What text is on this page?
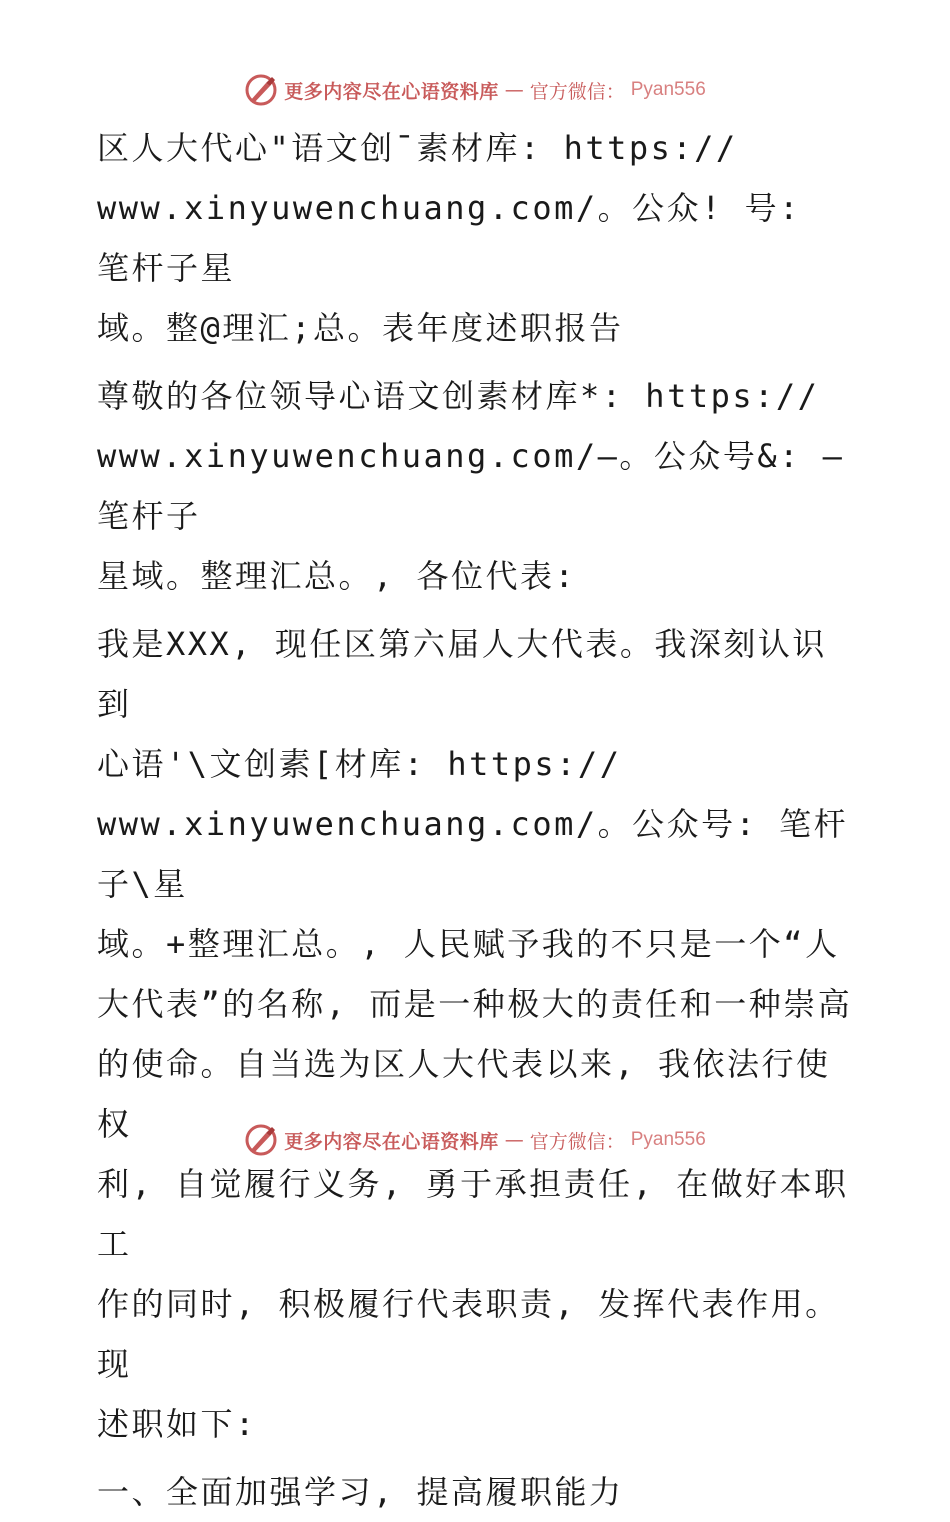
更多内容尽在心语资料库 — 官方微信： Pyan556

区人大代心"语文创¯素材库: https://
www.xinyuwenchuang.com/。公众! 号: 笔杆子星
域。整@理汇;总。表年度述职报告

尊敬的各位领导心语文创素材库*: https://
www.xinyuwenchuang.com/—。公众号&: —笔杆子
星域。整理汇总。, 各位代表:

我是XXX, 现任区第六届人大代表。我深刻认识到
心语'\文创素[材库: https://
www.xinyuwenchuang.com/。公众号: 笔杆子\星
域。+整理汇总。, 人民赋予我的不只是一个“人
大代表”的名称, 而是一种极大的责任和一种崇高
的使命。自当选为区人大代表以来, 我依法行使权
利, 自觉履行义务, 勇于承担责任, 在做好本职工
作的同时, 积极履行代表职责, 发挥代表作用。现
述职如下:

一、全面加强学习, 提高履职能力

更多内容尽在心语资料库 — 官方微信： Pyan556
